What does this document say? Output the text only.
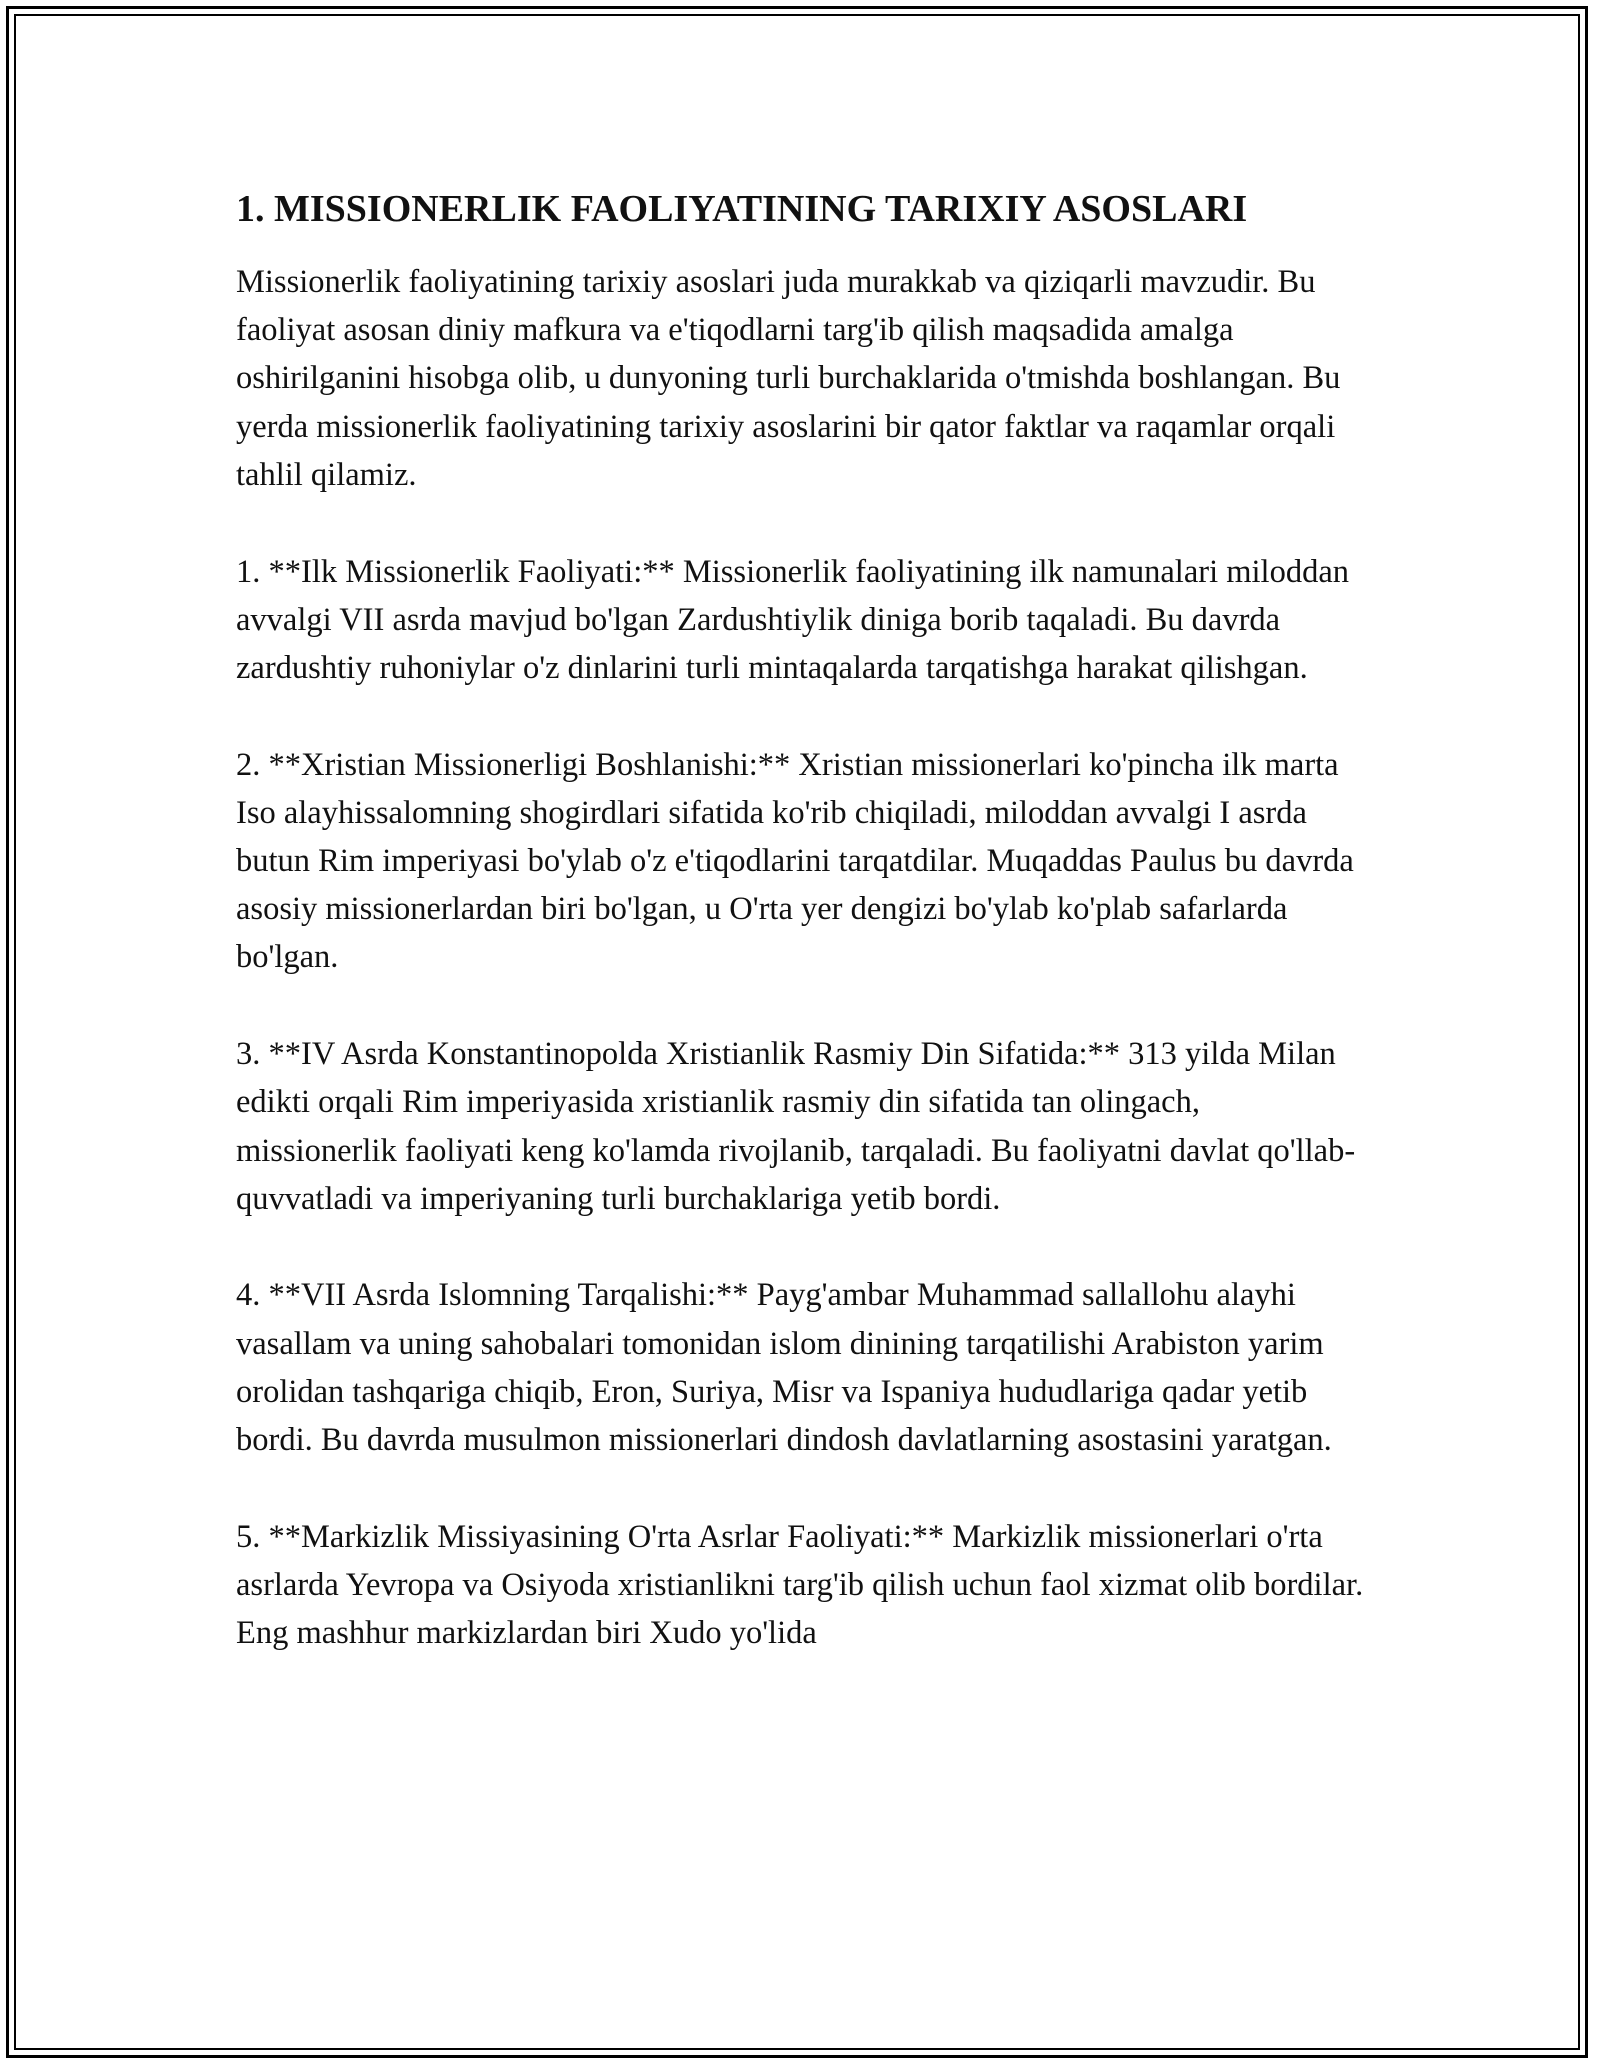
1. MISSIONERLIK FAOLIYATINING TARIXIY ASOSLARI

Missionerlik faoliyatining tarixiy asoslari juda murakkab va qiziqarli mavzudir. Bu faoliyat asosan diniy mafkura va e'tiqodlarni targ'ib qilish maqsadida amalga oshirilganini hisobga olib, u dunyoning turli burchaklarida o'tmishda boshlangan. Bu yerda missionerlik faoliyatining tarixiy asoslarini bir qator faktlar va raqamlar orqali tahlil qilamiz.

1. **Ilk Missionerlik Faoliyati:** Missionerlik faoliyatining ilk namunalari miloddan avvalgi VII asrda mavjud bo'lgan Zardushtiylik diniga borib taqaladi. Bu davrda zardushtiy ruhoniylar o'z dinlarini turli mintaqalarda tarqatishga harakat qilishgan.

2. **Xristian Missionerligi Boshlanishi:** Xristian missionerlari ko'pincha ilk marta Iso alayhissalomning shogirdlari sifatida ko'rib chiqiladi, miloddan avvalgi I asrda butun Rim imperiyasi bo'ylab o'z e'tiqodlarini tarqatdilar. Muqaddas Paulus bu davrda asosiy missionerlardan biri bo'lgan, u O'rta yer dengizi bo'ylab ko'plab safarlarda bo'lgan.

3. **IV Asrda Konstantinopolda Xristianlik Rasmiy Din Sifatida:** 313 yilda Milan edikti orqali Rim imperiyasida xristianlik rasmiy din sifatida tan olingach, missionerlik faoliyati keng ko'lamda rivojlanib, tarqaladi. Bu faoliyatni davlat qo'llab-quvvatladi va imperiyaning turli burchaklariga yetib bordi.

4. **VII Asrda Islomning Tarqalishi:** Payg'ambar Muhammad sallallohu alayhi vasallam va uning sahobalari tomonidan islom dinining tarqatilishi Arabiston yarim orolidan tashqariga chiqib, Eron, Suriya, Misr va Ispaniya hududlariga qadar yetib bordi. Bu davrda musulmon missionerlari dindosh davlatlarning asostasini yaratgan.

5. **Markizlik Missiyasining O'rta Asrlar Faoliyati:** Markizlik missionerlari o'rta asrlarda Yevropa va Osiyoda xristianlikni targ'ib qilish uchun faol xizmat olib bordilar. Eng mashhur markizlardan biri Xudo yo'lida
